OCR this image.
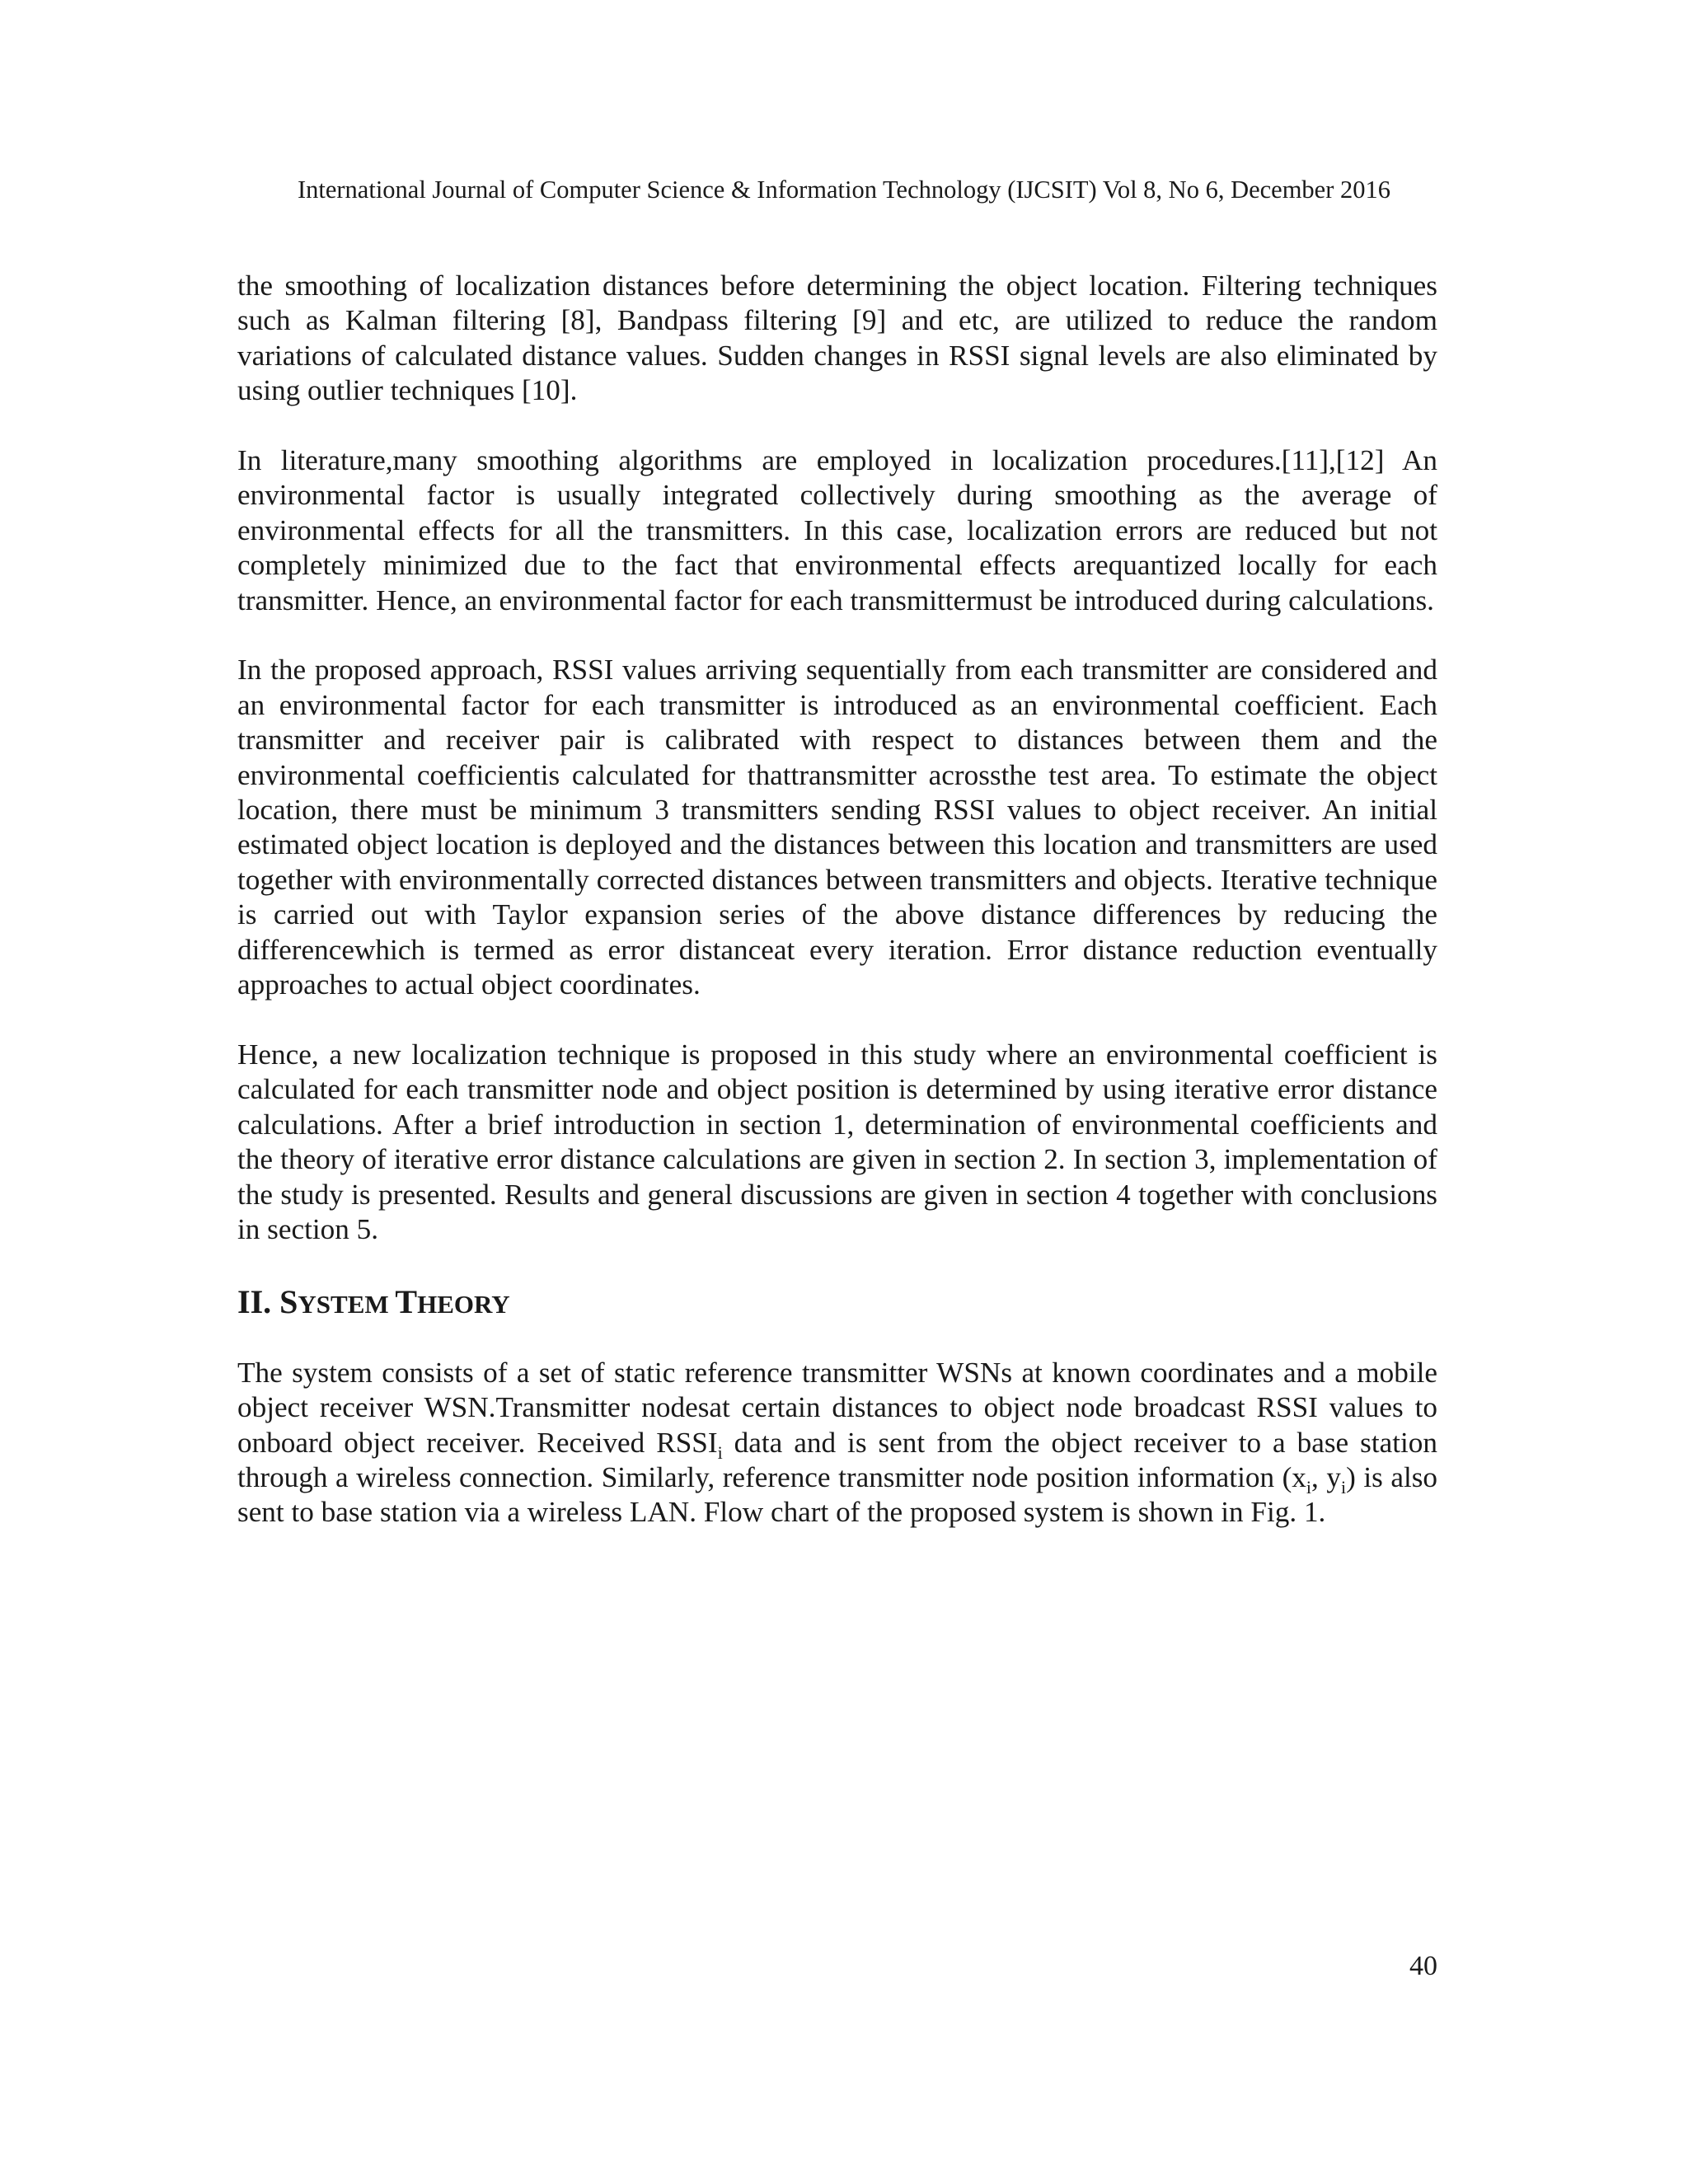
International Journal of Computer Science & Information Technology (IJCSIT) Vol 8, No 6, December 2016

the smoothing of localization distances before determining the object location. Filtering techniques such as Kalman filtering [8], Bandpass filtering [9] and etc, are utilized to reduce the random variations of calculated distance values. Sudden changes in RSSI signal levels are also eliminated by using outlier techniques [10].

In literature,many smoothing algorithms are employed in localization procedures.[11],[12] An environmental factor is usually integrated collectively during smoothing as the average of environmental effects for all the transmitters. In this case, localization errors are reduced but not completely minimized due to the fact that environmental effects arequantized locally for each transmitter. Hence, an environmental factor for each transmittermust be introduced during calculations.

In the proposed approach, RSSI values arriving sequentially from each transmitter are considered and an environmental factor for each transmitter is introduced as an environmental coefficient. Each transmitter and receiver pair is calibrated with respect to distances between them and the environmental coefficientis calculated for thattransmitter acrossthe test area. To estimate the object location, there must be minimum 3 transmitters sending RSSI values to object receiver. An initial estimated object location is deployed and the distances between this location and transmitters are used together with environmentally corrected distances between transmitters and objects. Iterative technique is carried out with Taylor expansion series of the above distance differences by reducing the differencewhich is termed as error distanceat every iteration. Error distance reduction eventually approaches to actual object coordinates.

Hence, a new localization technique is proposed in this study where an environmental coefficient is calculated for each transmitter node and object position is determined by using iterative error distance calculations. After a brief introduction in section 1, determination of environmental coefficients and the theory of iterative error distance calculations are given in section 2. In section 3, implementation of the study is presented. Results and general discussions are given in section 4 together with conclusions in section 5.

II. SYSTEM THEORY

The system consists of a set of static reference transmitter WSNs at known coordinates and a mobile object receiver WSN.Transmitter nodesat certain distances to object node broadcast RSSI values to onboard object receiver. Received $RSSI_i$ data and is sent from the object receiver to a base station through a wireless connection. Similarly, reference transmitter node position information ($x_i$, $y_i$) is also sent to base station via a wireless LAN. Flow chart of the proposed system is shown in Fig. 1.

40
